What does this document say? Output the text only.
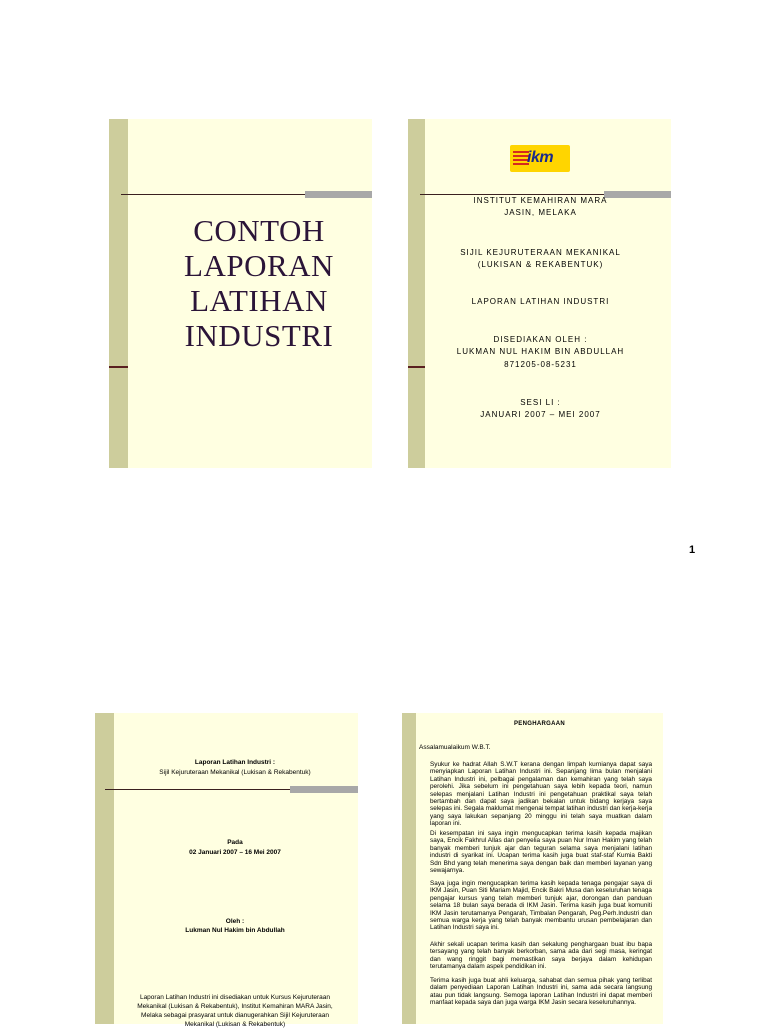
CONTOH
LAPORAN
LATIHAN
INDUSTRI
ikm
INSTITUT KEMAHIRAN MARA
JASIN, MELAKA
SIJIL KEJURUTERAAN MEKANIKAL
(LUKISAN & REKABENTUK)
LAPORAN LATIHAN INDUSTRI
DISEDIAKAN OLEH :
LUKMAN NUL HAKIM BIN ABDULLAH
871205-08-5231
SESI LI :
JANUARI 2007 – MEI 2007
1
Laporan Latihan Industri :
Sijil Kejuruteraan Mekanikal (Lukisan & Rekabentuk)
Pada
02 Januari 2007 – 16 Mei 2007
Oleh :
Lukman Nul Hakim bin Abdullah
Laporan Latihan Industri ini disediakan untuk Kursus Kejuruteraan
Mekanikal (Lukisan & Rekabentuk), Institut Kemahiran MARA Jasin,
Melaka sebagai prasyarat untuk dianugerahkan Sijil Kejuruteraan
Mekanikal (Lukisan & Rekabentuk)
PENGHARGAAN
Assalamualaikum W.B.T.
Syukur ke hadrat Allah S.W.T kerana dengan limpah kurnianya dapat saya menyiapkan Laporan Latihan Industri ini. Sepanjang lima bulan menjalani Latihan Industri ini, pelbagai pengalaman dan kemahiran yang telah saya perolehi. Jika sebelum ini pengetahuan saya lebih kepada teori, namun selepas menjalani Latihan Industri ini pengetahuan praktikal saya telah bertambah dan dapat saya jadikan bekalan untuk bidang kerjaya saya selepas ini. Segala maklumat mengenai tempat latihan industri dan kerja-kerja yang saya lakukan sepanjang 20 minggu ini telah saya muatkan dalam laporan ini.
Di kesempatan ini saya ingin mengucapkan terima kasih kepada majikan saya, Encik Fakhrul Allas dan penyelia saya puan Nur Iman Hakim yang telah banyak memberi tunjuk ajar dan teguran selama saya menjalani latihan industri di syarikat ini. Ucapan terima kasih juga buat staf-staf Kumia Bakti Sdn Bhd yang telah menerima saya dengan baik dan memberi layanan yang sewajarnya.
Saya juga ingin mengucapkan terima kasih kepada tenaga pengajar saya di IKM Jasin, Puan Siti Mariam Majid, Encik Bakri Musa dan keseluruhan tenaga pengajar kursus yang telah memberi tunjuk ajar, dorongan dan panduan selama 18 bulan saya berada di IKM Jasin. Terima kasih juga buat komuniti IKM Jasin terutamanya Pengarah, Timbalan Pengarah, Peg.Perh.Industri dan semua warga kerja yang telah banyak membantu urusan pembelajaran dan Latihan Industri saya ini.
Akhir sekali ucapan terima kasih dan sekalung penghargaan buat ibu bapa tersayang yang telah banyak berkorban, sama ada dari segi masa, keringat dan wang ringgit bagi memastikan saya berjaya dalam kehidupan terutamanya dalam aspek pendidikan ini.
Terima kasih juga buat ahli keluarga, sahabat dan semua pihak yang terlibat dalam penyediaan Laporan Latihan Industri ini, sama ada secara langsung atau pun tidak langsung. Semoga laporan Latihan Industri ini dapat memberi manfaat kepada saya dan juga warga IKM Jasin secara keseluruhannya.
